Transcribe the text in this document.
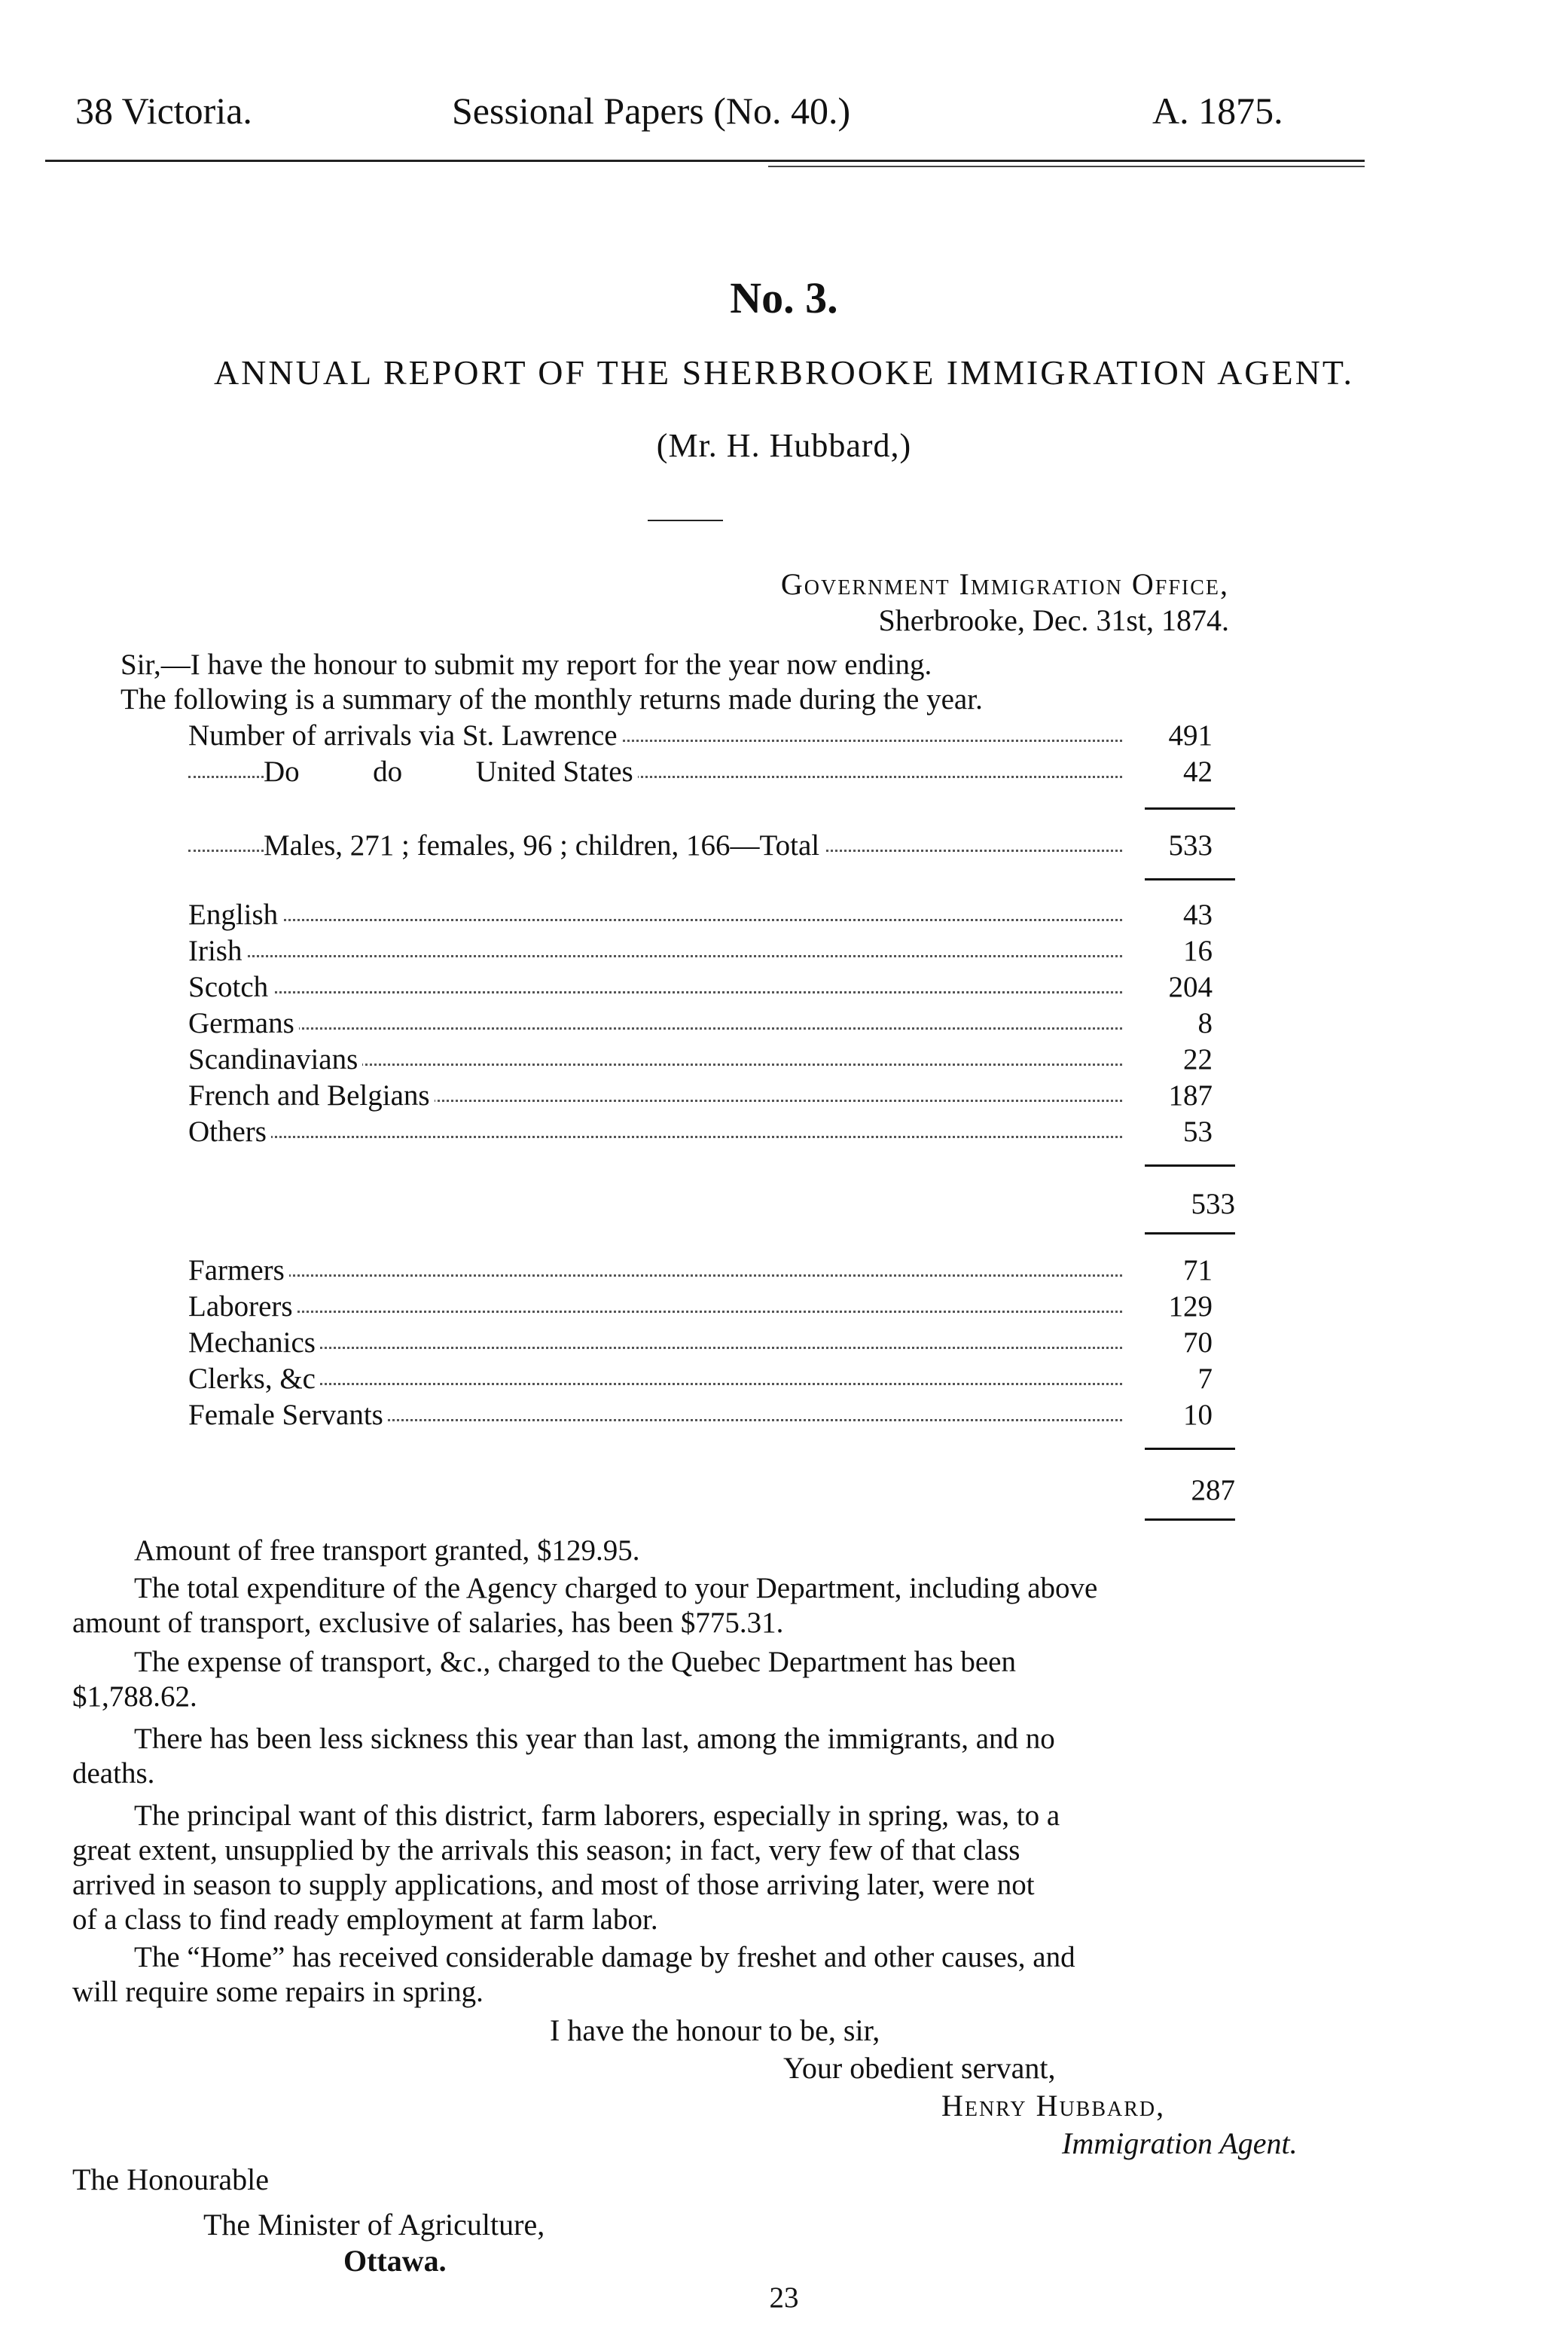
38 Victoria.	Sessional Papers (No. 40.)	A. 1875.
No. 3.
ANNUAL REPORT OF THE SHERBROOKE IMMIGRATION AGENT.
(Mr. H. Hubbard,)
Government Immigration Office,
Sherbrooke, Dec. 31st, 1874.
Sir,—I have the honour to submit my report for the year now ending.
The following is a summary of the monthly returns made during the year.
Number of arrivals via St. Lawrence	491
Do          do          United States	42
Males, 271 ; females, 96 ; children, 166—Total	533
English	43
Irish	16
Scotch	204
Germans	8
Scandinavians	22
French and Belgians	187
Others	53
533
Farmers	71
Laborers	129
Mechanics	70
Clerks, &c	7
Female Servants	10
287
Amount of free transport granted, $129.95.
The total expenditure of the Agency charged to your Department, including above
amount of transport, exclusive of salaries, has been $775.31.
The expense of transport, &c., charged to the Quebec Department has been
$1,788.62.
There has been less sickness this year than last, among the immigrants, and no
deaths.
The principal want of this district, farm laborers, especially in spring, was, to a
great extent, unsupplied by the arrivals this season; in fact, very few of that class
arrived in season to supply applications, and most of those arriving later, were not
of a class to find ready employment at farm labor.
The “Home” has received considerable damage by freshet and other causes, and
will require some repairs in spring.
I have the honour to be, sir,
Your obedient servant,
Henry Hubbard,
Immigration Agent.
The Honourable
The Minister of Agriculture,
Ottawa.
23
